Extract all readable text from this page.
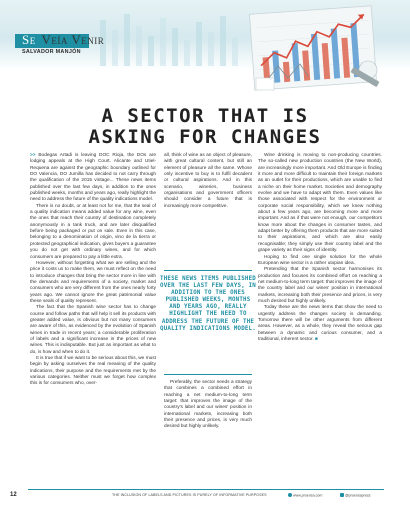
Se Veía Venir
SALVADOR MANJÓN
A SECTOR THAT IS
ASKING FOR CHANGES

>> Bodegas Artadi is leaving DOC Rioja, the DOs are lodging appeals at the High Court. Alicante and Utiel-Requena are against the geographic boundary outlined for DO Valencia, DO Jumilla has decided to not carry through the qualification of the 2015 vintage... These news items published over the last few days, in addition to the ones published weeks, months and years ago, really highlight the need to address the future of the quality indications model.

There is no doubt, or at least not for me, that the seal of a quality indication means added value for any wine, even the ones that reach their country of destination completely anonymously in a tank truck, and are later disqualified before being packaged or put on sale. Even in this case, belonging to a denomination of origin, vino de la tierra or protected geographical indication, gives buyers a guarantee you do not get with ordinary wines, and for which consumers are prepared to pay a little extra.

However, without forgetting what we are selling and the price it costs us to make them, we must reflect on the need to introduce changes that bring the sector more in line with the demands and requirements of a society, market and consumers who are very different from the ones nearly forty years ago. We cannot ignore the great patrimonial value these seals of quality represent.

The fact that the Spanish wine sector has to change course and follow paths that will help it sell its products with greater added value, is obvious but not many consumers are aware of this, as evidenced by the evolution of Spanish wines in trade in recent years; a considerable proliferation of labels and a significant increase in the prices of new wines. This is indisputable. But just as important as what to do, is how and when to do it.

It is true that if we want to be serious about this, we must begin by asking ourselves the real meaning of the quality indications, their purpose and the requirements met by the various categories. Neither must we forget how complex this is for consumers who, over-

all, think of wine as an object of pleasure, with great cultural content, but still an element of pleasure all the same. Whose only incentive to buy is to fulfil decadent or cultural aspirations. And in this scenario, wineries, business organisations and government officers should consider a future that is increasingly more competitive.

THESE NEWS ITEMS PUBLISHED OVER THE LAST FEW DAYS, IN ADDITION TO THE ONES PUBLISHED WEEKS, MONTHS AND YEARS AGO, REALLY HIGHLIGHT THE NEED TO ADDRESS THE FUTURE OF THE QUALITY INDICATIONS MODEL.

Preferably, the sector needs a strategy that combines a combined effort in reaching a net medium-to-long term target: that improves the image of the country's label and our wines' position in international markets, increasing both their presence and prices, is very much desired but highly unlikely.

Wine drinking is moving to non-producing countries. The so-called new production countries (the New World), are increasingly more important. And Old Europe is finding it more and more difficult to maintain their foreign markets as an outlet for their productions, which are unable to find a niche on their home market. Societies and demography evolve and we have to adapt with them. Even values like those associated with respect for the environment or corporate social responsibility, which we knew nothing about a few years ago, are becoming more and more important. And as if that were not enough, our competitors know more about the changes in consumer tastes, and adapt better by offering them products that are more suited to their aspirations, and which are also easily recognisable; they simply use their country label and the grape variety as their signs of identity.

Hoping to find one single solution for the whole European wine sector is a rather utopian idea.

Pretending that the Spanish sector harmonises its production and focuses its combined effort on reaching a net medium-to-long term target: that improves the image of the country label and our wines' position in international markets, increasing both their presence and prices, is very much desired but highly unlikely.

Today these are the news items that show the need to urgently address the changes society is demanding. Tomorrow there will be other arguments from different areas. However, as a whole, they reveal the serious gap between a dynamic and curious consumer, and a traditional, inherent sector. ■

12	THE INCLUSION OF LABELS AND PICTURES IS PURELY OF INFORMATIVE PURPOSES	www.proensa.com	@proensapress
